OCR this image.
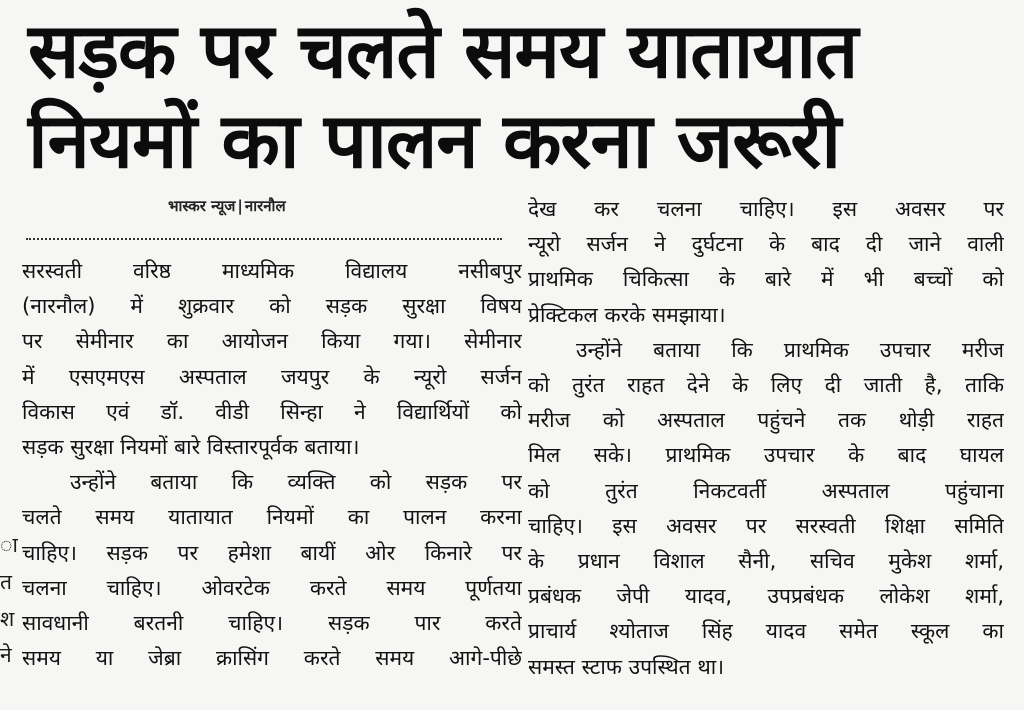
सड़क पर चलते समय यातायात
नियमों का पालन करना जरूरी
भास्कर न्यूज | नारनौल
ा
त
श
ने
सरस्वती वरिष्ठ माध्यमिक विद्यालय नसीबपुर
(नारनौल) में शुक्रवार को सड़क सुरक्षा विषय
पर सेमीनार का आयोजन किया गया। सेमीनार
में एसएमएस अस्पताल जयपुर के न्यूरो सर्जन
विकास एवं डॉ. वीडी सिन्हा ने विद्यार्थियों को
सड़क सुरक्षा नियमों बारे विस्तारपूर्वक बताया।
उन्होंने बताया कि व्यक्ति को सड़क पर
चलते समय यातायात नियमों का पालन करना
चाहिए। सड़क पर हमेशा बायीं ओर किनारे पर
चलना चाहिए। ओवरटेक करते समय पूर्णतया
सावधानी बरतनी चाहिए। सड़क पार करते
समय या जेब्रा क्रासिंग करते समय आगे-पीछे
देख कर चलना चाहिए। इस अवसर पर
न्यूरो सर्जन ने दुर्घटना के बाद दी जाने वाली
प्राथमिक चिकित्सा के बारे में भी बच्चों को
प्रेक्टिकल करके समझाया।
उन्होंने बताया कि प्राथमिक उपचार मरीज
को तुरंत राहत देने के लिए दी जाती है, ताकि
मरीज को अस्पताल पहुंचने तक थोड़ी राहत
मिल सके। प्राथमिक उपचार के बाद घायल
को तुरंत निकटवर्ती अस्पताल पहुंचाना
चाहिए। इस अवसर पर सरस्वती शिक्षा समिति
के प्रधान विशाल सैनी, सचिव मुकेश शर्मा,
प्रबंधक जेपी यादव, उपप्रबंधक लोकेश शर्मा,
प्राचार्य श्योताज सिंह यादव समेत स्कूल का
समस्त स्टाफ उपस्थित था।
